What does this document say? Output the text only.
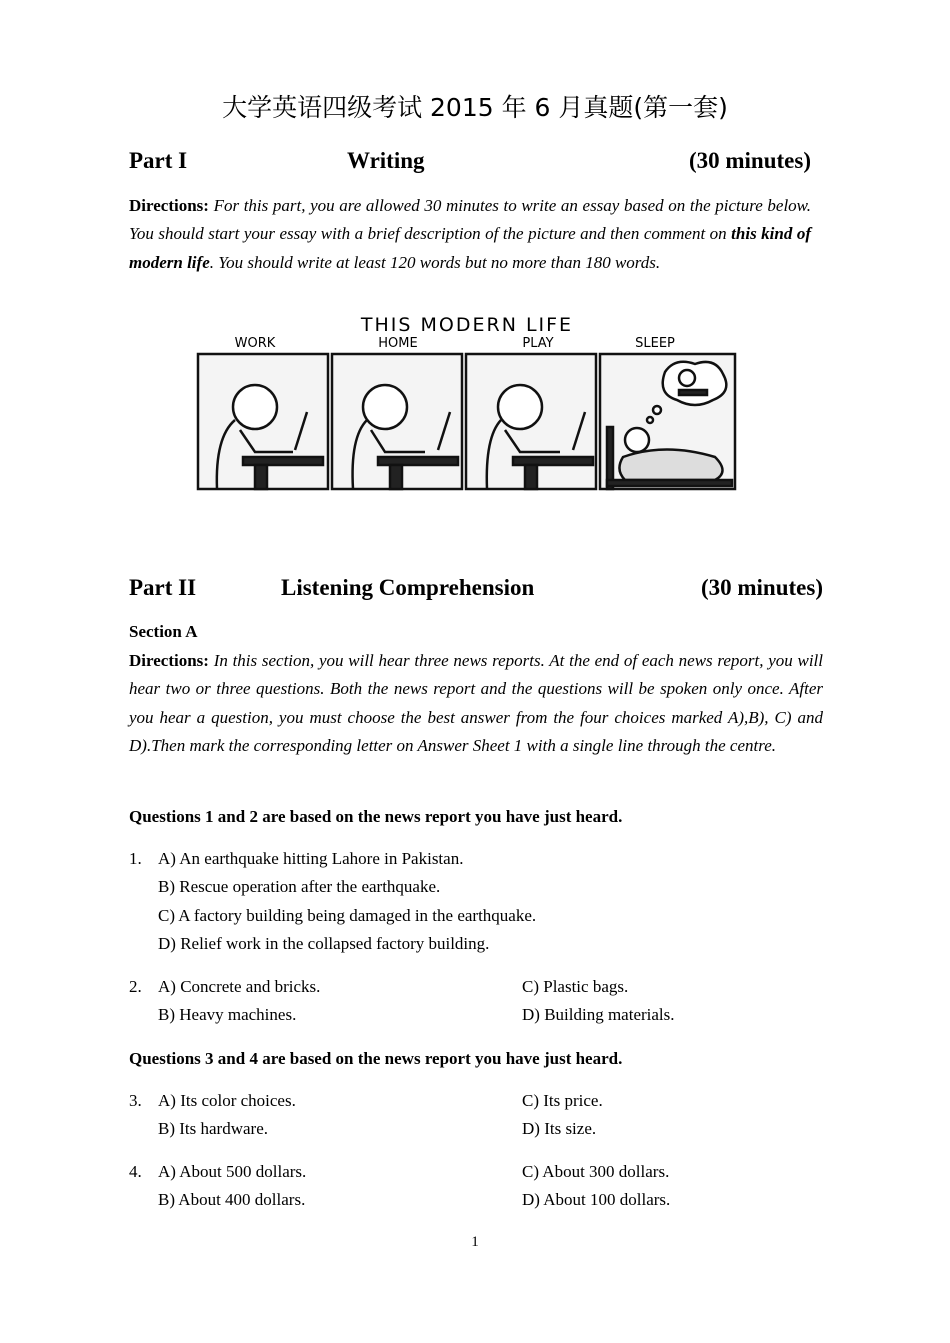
大学英语四级考试 2015 年 6 月真题(第一套)
Part I	Writing	(30 minutes)
Directions: For this part, you are allowed 30 minutes to write an essay based on the picture below. You should start your essay with a brief description of the picture and then comment on this kind of modern life. You should write at least 120 words but no more than 180 words.
THIS MODERN LIFE
WORK	HOME	PLAY	SLEEP
Part II	Listening Comprehension	(30 minutes)
Section A
Directions: In this section, you will hear three news reports. At the end of each news report, you will hear two or three questions. Both the news report and the questions will be spoken only once. After you hear a question, you must choose the best answer from the four choices marked A),B), C) and D).Then mark the corresponding letter on Answer Sheet 1 with a single line through the centre.
Questions 1 and 2 are based on the news report you have just heard.
1. A) An earthquake hitting Lahore in Pakistan.
B) Rescue operation after the earthquake.
C) A factory building being damaged in the earthquake.
D) Relief work in the collapsed factory building.
2. A) Concrete and bricks.
B) Heavy machines.
C) Plastic bags.
D) Building materials.
Questions 3 and 4 are based on the news report you have just heard.
3. A) Its color choices.
B) Its hardware.
C) Its price.
D) Its size.
4. A) About 500 dollars.
B) About 400 dollars.
C) About 300 dollars.
D) About 100 dollars.
1
